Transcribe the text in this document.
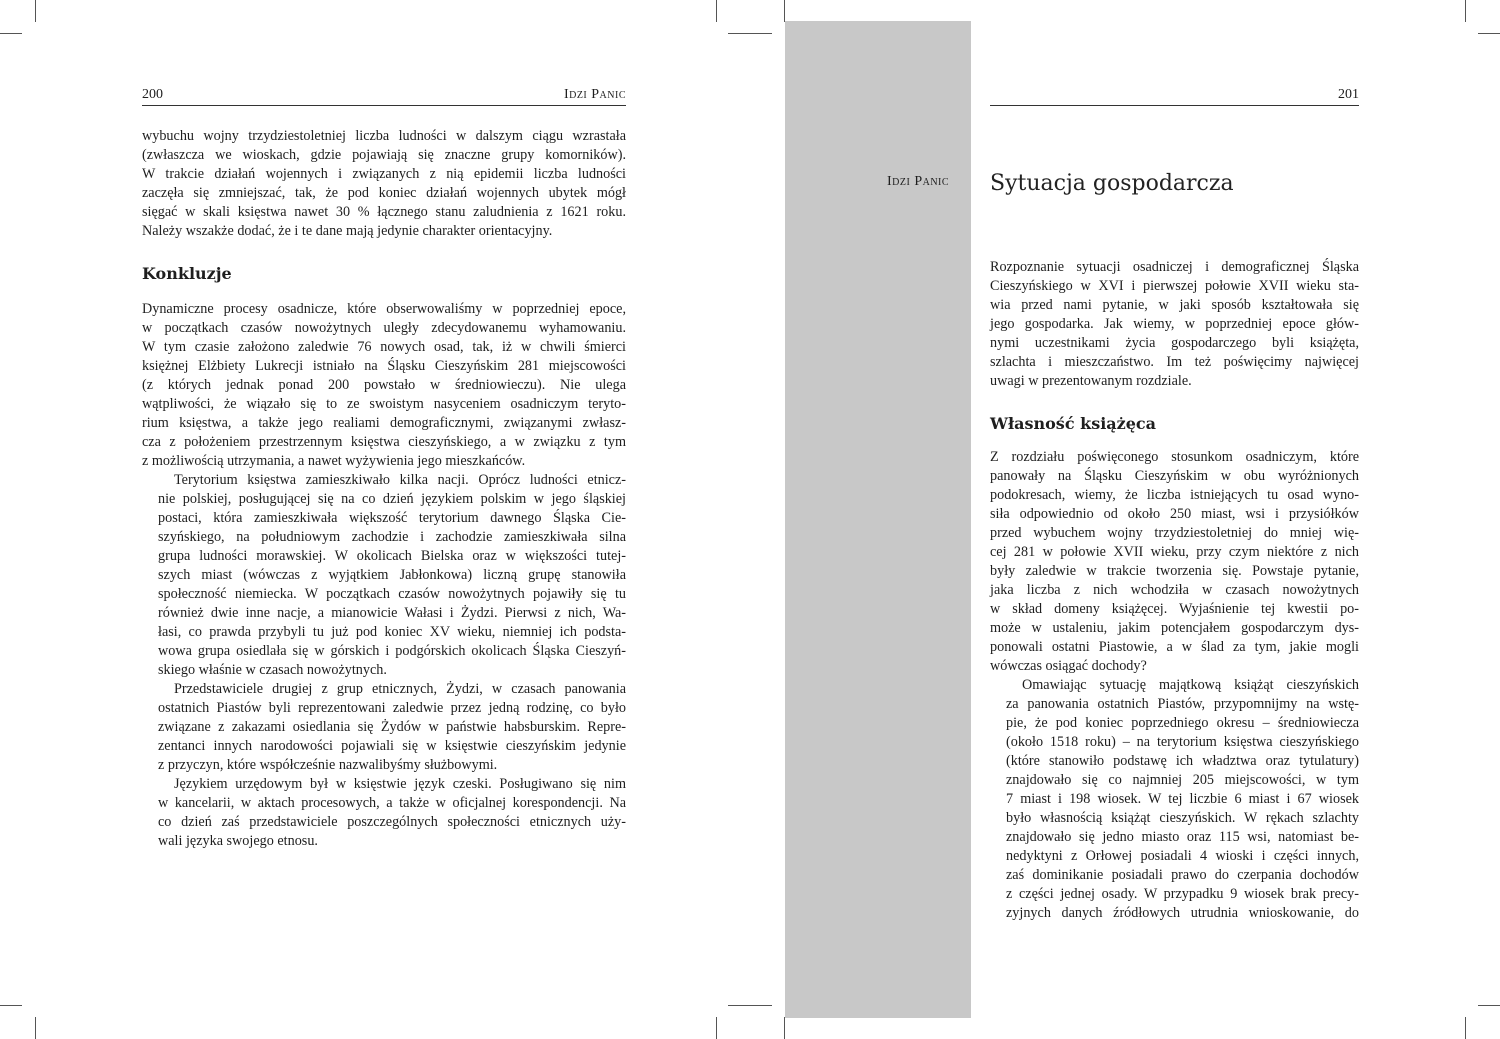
200	Idzi Panic

wybuchu wojny trzydziestoletniej liczba ludności w dalszym ciągu wzrastała
(zwłaszcza we wioskach, gdzie pojawiają się znaczne grupy komorników).
W trakcie działań wojennych i związanych z nią epidemii liczba ludności
zaczęła się zmniejszać, tak, że pod koniec działań wojennych ubytek mógł
sięgać w skali księstwa nawet 30 % łącznego stanu zaludnienia z 1621 roku.
Należy wszakże dodać, że i te dane mają jedynie charakter orientacyjny.

Konkluzje

Dynamiczne procesy osadnicze, które obserwowaliśmy w poprzedniej epoce,
w początkach czasów nowożytnych uległy zdecydowanemu wyhamowaniu.
W tym czasie założono zaledwie 76 nowych osad, tak, iż w chwili śmierci
księżnej Elżbiety Lukrecji istniało na Śląsku Cieszyńskim 281 miejscowości
(z których jednak ponad 200 powstało w średniowieczu). Nie ulega
wątpliwości, że wiązało się to ze swoistym nasyceniem osadniczym teryto-
rium księstwa, a także jego realiami demograficznymi, związanymi zwłasz-
cza z położeniem przestrzennym księstwa cieszyńskiego, a w związku z tym
z możliwością utrzymania, a nawet wyżywienia jego mieszkańców.

Terytorium księstwa zamieszkiwało kilka nacji. Oprócz ludności etnicz-
nie polskiej, posługującej się na co dzień językiem polskim w jego śląskiej
postaci, która zamieszkiwała większość terytorium dawnego Śląska Cie-
szyńskiego, na południowym zachodzie i zachodzie zamieszkiwała silna
grupa ludności morawskiej. W okolicach Bielska oraz w większości tutej-
szych miast (wówczas z wyjątkiem Jabłonkowa) liczną grupę stanowiła
społeczność niemiecka. W początkach czasów nowożytnych pojawiły się tu
również dwie inne nacje, a mianowicie Wałasi i Żydzi. Pierwsi z nich, Wa-
łasi, co prawda przybyli tu już pod koniec XV wieku, niemniej ich podsta-
wowa grupa osiedlała się w górskich i podgórskich okolicach Śląska Cieszyń-
skiego właśnie w czasach nowożytnych.

Przedstawiciele drugiej z grup etnicznych, Żydzi, w czasach panowania
ostatnich Piastów byli reprezentowani zaledwie przez jedną rodzinę, co było
związane z zakazami osiedlania się Żydów w państwie habsburskim. Repre-
zentanci innych narodowości pojawiali się w księstwie cieszyńskim jedynie
z przyczyn, które współcześnie nazwalibyśmy służbowymi.

Językiem urzędowym był w księstwie język czeski. Posługiwano się nim
w kancelarii, w aktach procesowych, a także w oficjalnej korespondencji. Na
co dzień zaś przedstawiciele poszczególnych społeczności etnicznych uży-
wali języka swojego etnosu.

Idzi Panic
201
Sytuacja gospodarcza

Rozpoznanie sytuacji osadniczej i demograficznej Śląska
Cieszyńskiego w XVI i pierwszej połowie XVII wieku sta-
wia przed nami pytanie, w jaki sposób kształtowała się
jego gospodarka. Jak wiemy, w poprzedniej epoce głów-
nymi uczestnikami życia gospodarczego byli książęta,
szlachta i mieszczaństwo. Im też poświęcimy najwięcej
uwagi w prezentowanym rozdziale.

Własność książęca

Z rozdziału poświęconego stosunkom osadniczym, które
panowały na Śląsku Cieszyńskim w obu wyróżnionych
podokresach, wiemy, że liczba istniejących tu osad wyno-
siła odpowiednio od około 250 miast, wsi i przysiółków
przed wybuchem wojny trzydziestoletniej do mniej wię-
cej 281 w połowie XVII wieku, przy czym niektóre z nich
były zaledwie w trakcie tworzenia się. Powstaje pytanie,
jaka liczba z nich wchodziła w czasach nowożytnych
w skład domeny książęcej. Wyjaśnienie tej kwestii po-
może w ustaleniu, jakim potencjałem gospodarczym dys-
ponowali ostatni Piastowie, a w ślad za tym, jakie mogli
wówczas osiągać dochody?

Omawiając sytuację majątkową książąt cieszyńskich
za panowania ostatnich Piastów, przypomnijmy na wstę-
pie, że pod koniec poprzedniego okresu – średniowiecza
(około 1518 roku) – na terytorium księstwa cieszyńskiego
(które stanowiło podstawę ich władztwa oraz tytulatury)
znajdowało się co najmniej 205 miejscowości, w tym
7 miast i 198 wiosek. W tej liczbie 6 miast i 67 wiosek
było własnością książąt cieszyńskich. W rękach szlachty
znajdowało się jedno miasto oraz 115 wsi, natomiast be-
nedyktyni z Orłowej posiadali 4 wioski i części innych,
zaś dominikanie posiadali prawo do czerpania dochodów
z części jednej osady. W przypadku 9 wiosek brak precy-
zyjnych danych źródłowych utrudnia wnioskowanie, do
